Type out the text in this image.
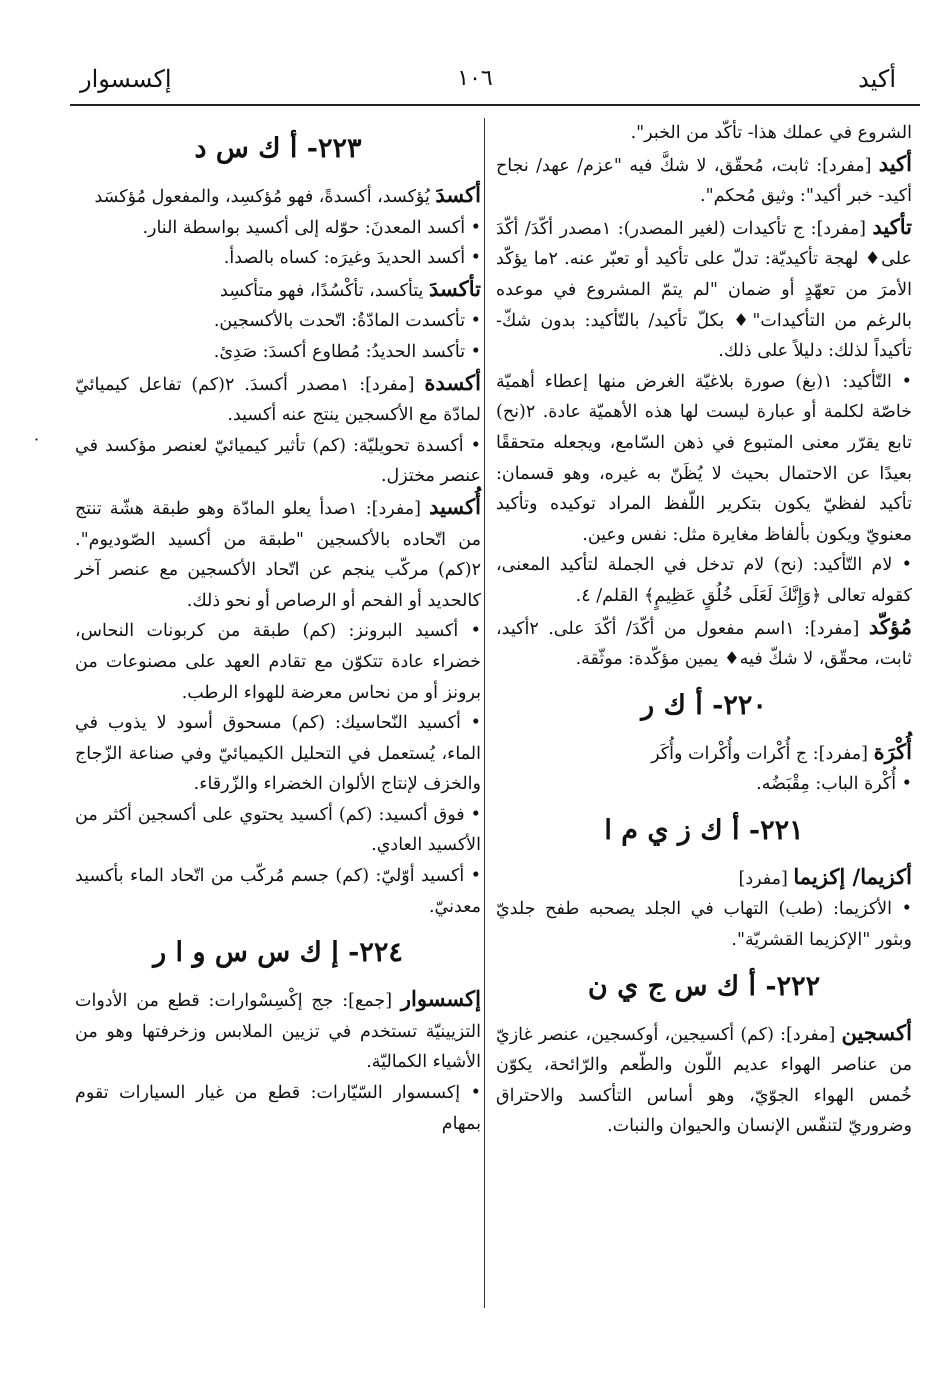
أكيد
١٠٦
إكسسوار
·

الشروع في عملك هذا- تأكّد من الخبر".

أكيد [مفرد]: ثابت، مُحقّق، لا شكَّ فيه "عزم/ عهد/ نجاح أكيد- خبر أكيد": وثيق مُحكم".

تأكيد [مفرد]: ج تأكيدات (لغير المصدر): ١مصدر أكّدَ/ أكّدَ على♦ لهجة تأكيديّة: تدلّ على تأكيد أو تعبّر عنه. ٢ما يؤكّد الأمرَ من تعهّدٍ أو ضمان "لم يتمّ المشروع في موعده بالرغم من التأكيدات"♦ بكلّ تأكيد/ بالتّأكيد: بدون شكّ- تأكيداً لذلك: دليلاً على ذلك.

• التّأكيد: ١(بغ) صورة بلاغيّة الغرض منها إعطاء أهميّة خاصّة لكلمة أو عبارة ليست لها هذه الأهميّة عادة. ٢(نح) تابع يقرّر معنى المتبوع في ذهن السّامع، ويجعله متحققًا بعيدًا عن الاحتمال بحيث لا يُظَنّ به غيره، وهو قسمان: تأكيد لفظيّ يكون بتكرير اللّفظ المراد توكيده وتأكيد معنويّ ويكون بألفاظ مغايرة مثل: نفس وعين.

• لام التّأكيد: (نح) لام تدخل في الجملة لتأكيد المعنى، كقوله تعالى ﴿وَإِنَّكَ لَعَلَى خُلُقٍ عَظِيمٍ﴾ القلم/ ٤.

مُؤكّد [مفرد]: ١اسم مفعول من أكّدَ/ أكّدَ على. ٢أكيد، ثابت، محقّق، لا شكّ فيه♦ يمين مؤكّدة: موثّقة.

٢٢٠- أ ك ر

أُكْرَة [مفرد]: ج أُكْرات وأُكْرات وأُكَر

• أُكْرة الباب: مِقْبَضُه.

٢٢١- أ ك ز ي م ا

أكزيما/ إكزيما [مفرد]

• الأكزيما: (طب) التهاب في الجلد يصحبه طفح جلديّ وبثور "الإكزيما القشريّة".

٢٢٢- أ ك س ج ي ن

أكسجين [مفرد]: (كم) أكسيجين، أوكسجين، عنصر غازيّ من عناصر الهواء عديم اللّون والطّعم والرّائحة، يكوّن خُمس الهواء الجوّيّ، وهو أساس التأكسد والاحتراق وضروريّ لتنفّس الإنسان والحيوان والنبات.

٢٢٣- أ ك س د

أكسدَ يُؤكسد، أكسدةً، فهو مُؤكسِد، والمفعول مُؤكسَد

• أكسد المعدنَ: حوّله إلى أكسيد بواسطة النار.

• أكسد الحديدَ وغيرَه: كساه بالصدأ.

تأكسدَ يتأكسد، تأكْسُدًا، فهو متأكسِد

• تأكسدت المادّةُ: اتّحدت بالأكسجين.

• تأكسد الحديدُ: مُطاوع أكسدَ: صَدِئ.

أكسدة [مفرد]: ١مصدر أكسدَ. ٢(كم) تفاعل كيميائيّ لمادّة مع الأكسجين ينتج عنه أكسيد.

• أكسدة تحويليّة: (كم) تأثير كيميائيّ لعنصر مؤكسد في عنصر مختزل.

أُكسيد [مفرد]: ١صدأ يعلو المادّة وهو طبقة هشّة تنتج من اتّحاده بالأكسجين "طبقة من أكسيد الصّوديوم". ٢(كم) مركّب ينجم عن اتّحاد الأكسجين مع عنصر آخر كالحديد أو الفحم أو الرصاص أو نحو ذلك.

• أكسيد البرونز: (كم) طبقة من كربونات النحاس، خضراء عادة تتكوّن مع تقادم العهد على مصنوعات من برونز أو من نحاس معرضة للهواء الرطب.

• أكسيد النّحاسيك: (كم) مسحوق أسود لا يذوب في الماء، يُستعمل في التحليل الكيميائيّ وفي صناعة الزّجاج والخزف لإنتاج الألوان الخضراء والزّرقاء.

• فوق أكسيد: (كم) أكسيد يحتوي على أكسجين أكثر من الأكسيد العادي.

• أكسيد أوّليّ: (كم) جسم مُركّب من اتّحاد الماء بأكسيد معدنيّ.

٢٢٤- إ ك س س و ا ر

إكسسوار [جمع]: جج إكْسِسْوارات: قطع من الأدوات التزيينيّة تستخدم في تزيين الملابس وزخرفتها وهو من الأشياء الكماليّة.

• إكسسوار السّيّارات: قطع من غيار السيارات تقوم بمهام
